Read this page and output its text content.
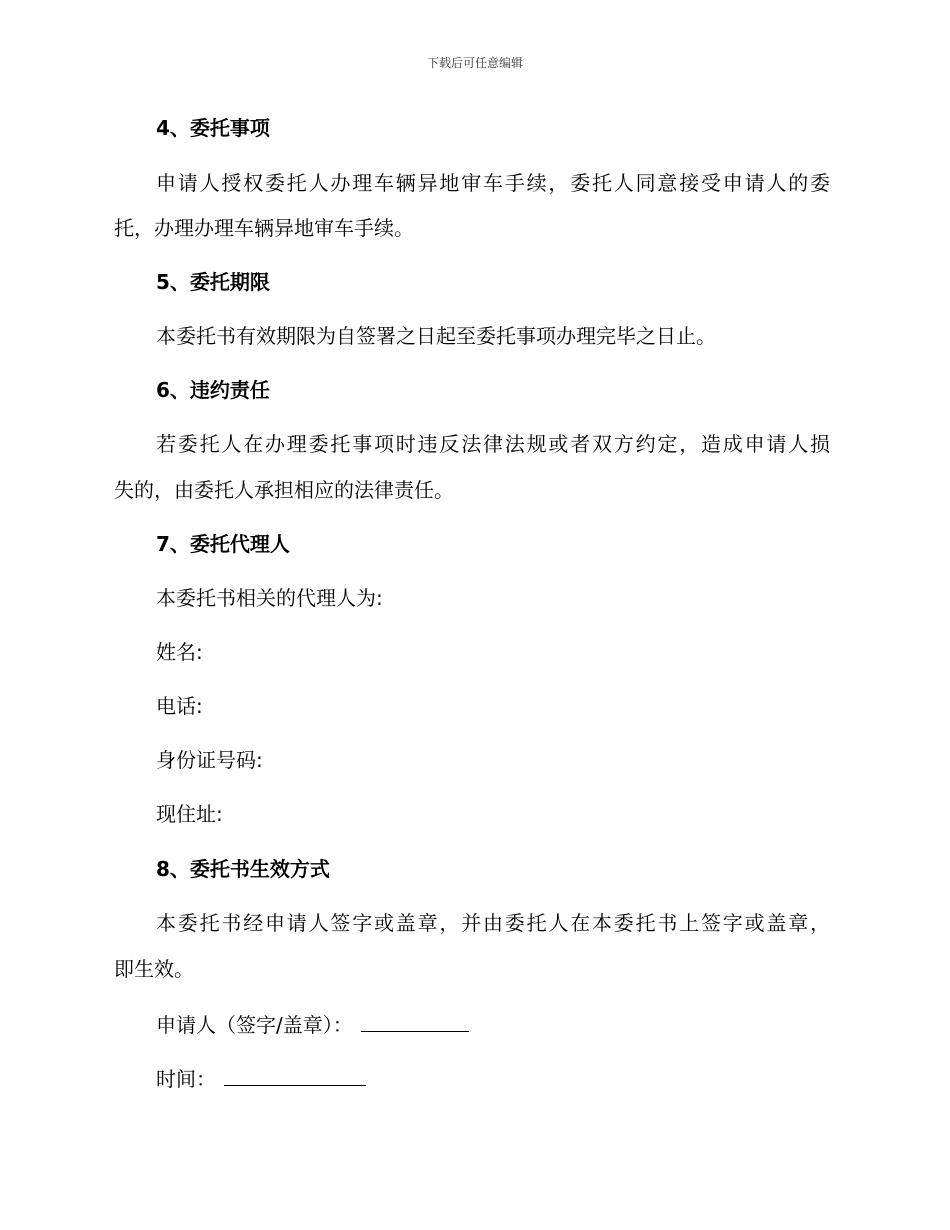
下载后可任意编辑
4、委托事项
申请人授权委托人办理车辆异地审车手续，委托人同意接受申请人的委
托，办理办理车辆异地审车手续。
5、委托期限
本委托书有效期限为自签署之日起至委托事项办理完毕之日止。
6、违约责任
若委托人在办理委托事项时违反法律法规或者双方约定，造成申请人损
失的，由委托人承担相应的法律责任。
7、委托代理人
本委托书相关的代理人为:
姓名:
电话:
身份证号码:
现住址:
8、委托书生效方式
本委托书经申请人签字或盖章，并由委托人在本委托书上签字或盖章，
即生效。
申请人（签字/盖章）：
时间：
